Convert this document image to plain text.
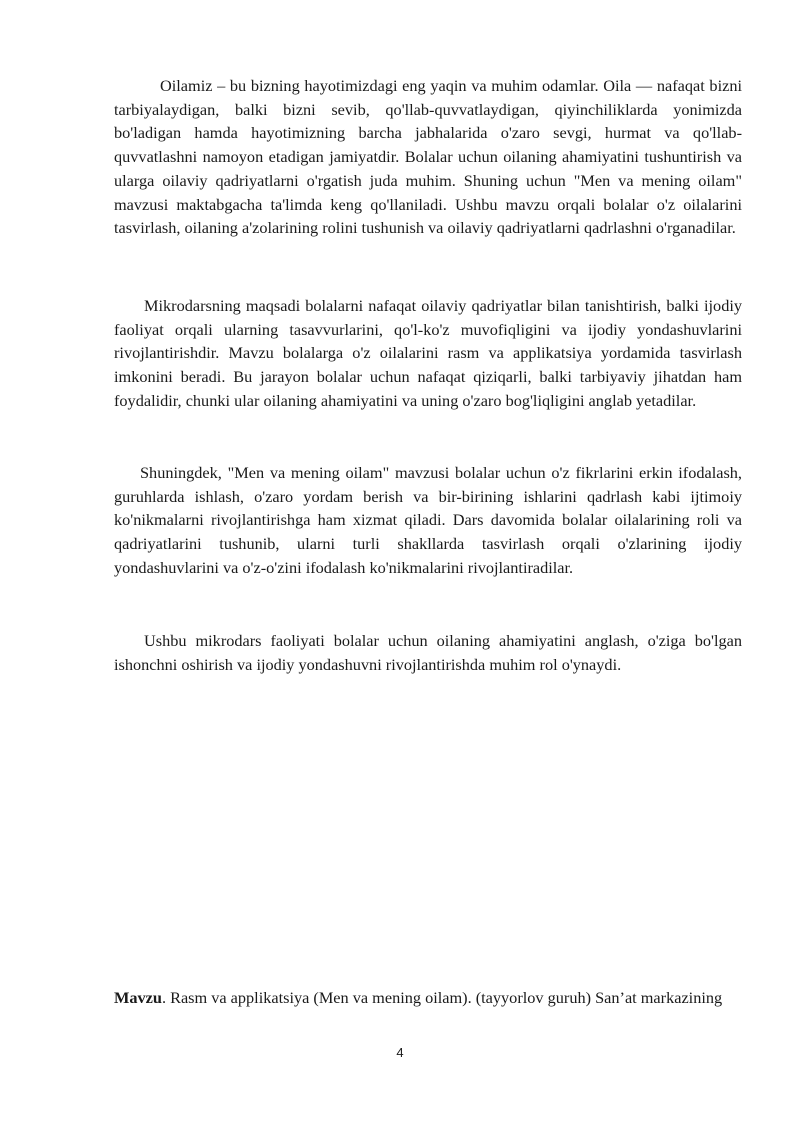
Oilamiz – bu bizning hayotimizdagi eng yaqin va muhim odamlar. Oila — nafaqat bizni tarbiyalaydigan, balki bizni sevib, qo'llab-quvvatlaydigan, qiyinchiliklarda yonimizda bo'ladigan hamda hayotimizning barcha jabhalarida o'zaro sevgi, hurmat va qo'llab-quvvatlashni namoyon etadigan jamiyatdir. Bolalar uchun oilaning ahamiyatini tushuntirish va ularga oilaviy qadriyatlarni o'rgatish juda muhim. Shuning uchun "Men va mening oilam" mavzusi maktabgacha ta'limda keng qo'llaniladi. Ushbu mavzu orqali bolalar o'z oilalarini tasvirlash, oilaning a'zolarining rolini tushunish va oilaviy qadriyatlarni qadrlashni o'rganadilar.

Mikrodarsning maqsadi bolalarni nafaqat oilaviy qadriyatlar bilan tanishtirish, balki ijodiy faoliyat orqali ularning tasavvurlarini, qo'l-ko'z muvofiqligini va ijodiy yondashuvlarini rivojlantirishdir. Mavzu bolalarga o'z oilalarini rasm va applikatsiya yordamida tasvirlash imkonini beradi. Bu jarayon bolalar uchun nafaqat qiziqarli, balki tarbiyaviy jihatdan ham foydalidir, chunki ular oilaning ahamiyatini va uning o'zaro bog'liqligini anglab yetadilar.

Shuningdek, "Men va mening oilam" mavzusi bolalar uchun o'z fikrlarini erkin ifodalash, guruhlarda ishlash, o'zaro yordam berish va bir-birining ishlarini qadrlash kabi ijtimoiy ko'nikmalarni rivojlantirishga ham xizmat qiladi. Dars davomida bolalar oilalarining roli va qadriyatlarini tushunib, ularni turli shakllarda tasvirlash orqali o'zlarining ijodiy yondashuvlarini va o'z-o'zini ifodalash ko'nikmalarini rivojlantiradilar.

Ushbu mikrodars faoliyati bolalar uchun oilaning ahamiyatini anglash, o'ziga bo'lgan ishonchni oshirish va ijodiy yondashuvni rivojlantirishda muhim rol o'ynaydi.

Mavzu. Rasm va applikatsiya (Men va mening oilam). (tayyorlov guruh) San’at markazining

4
